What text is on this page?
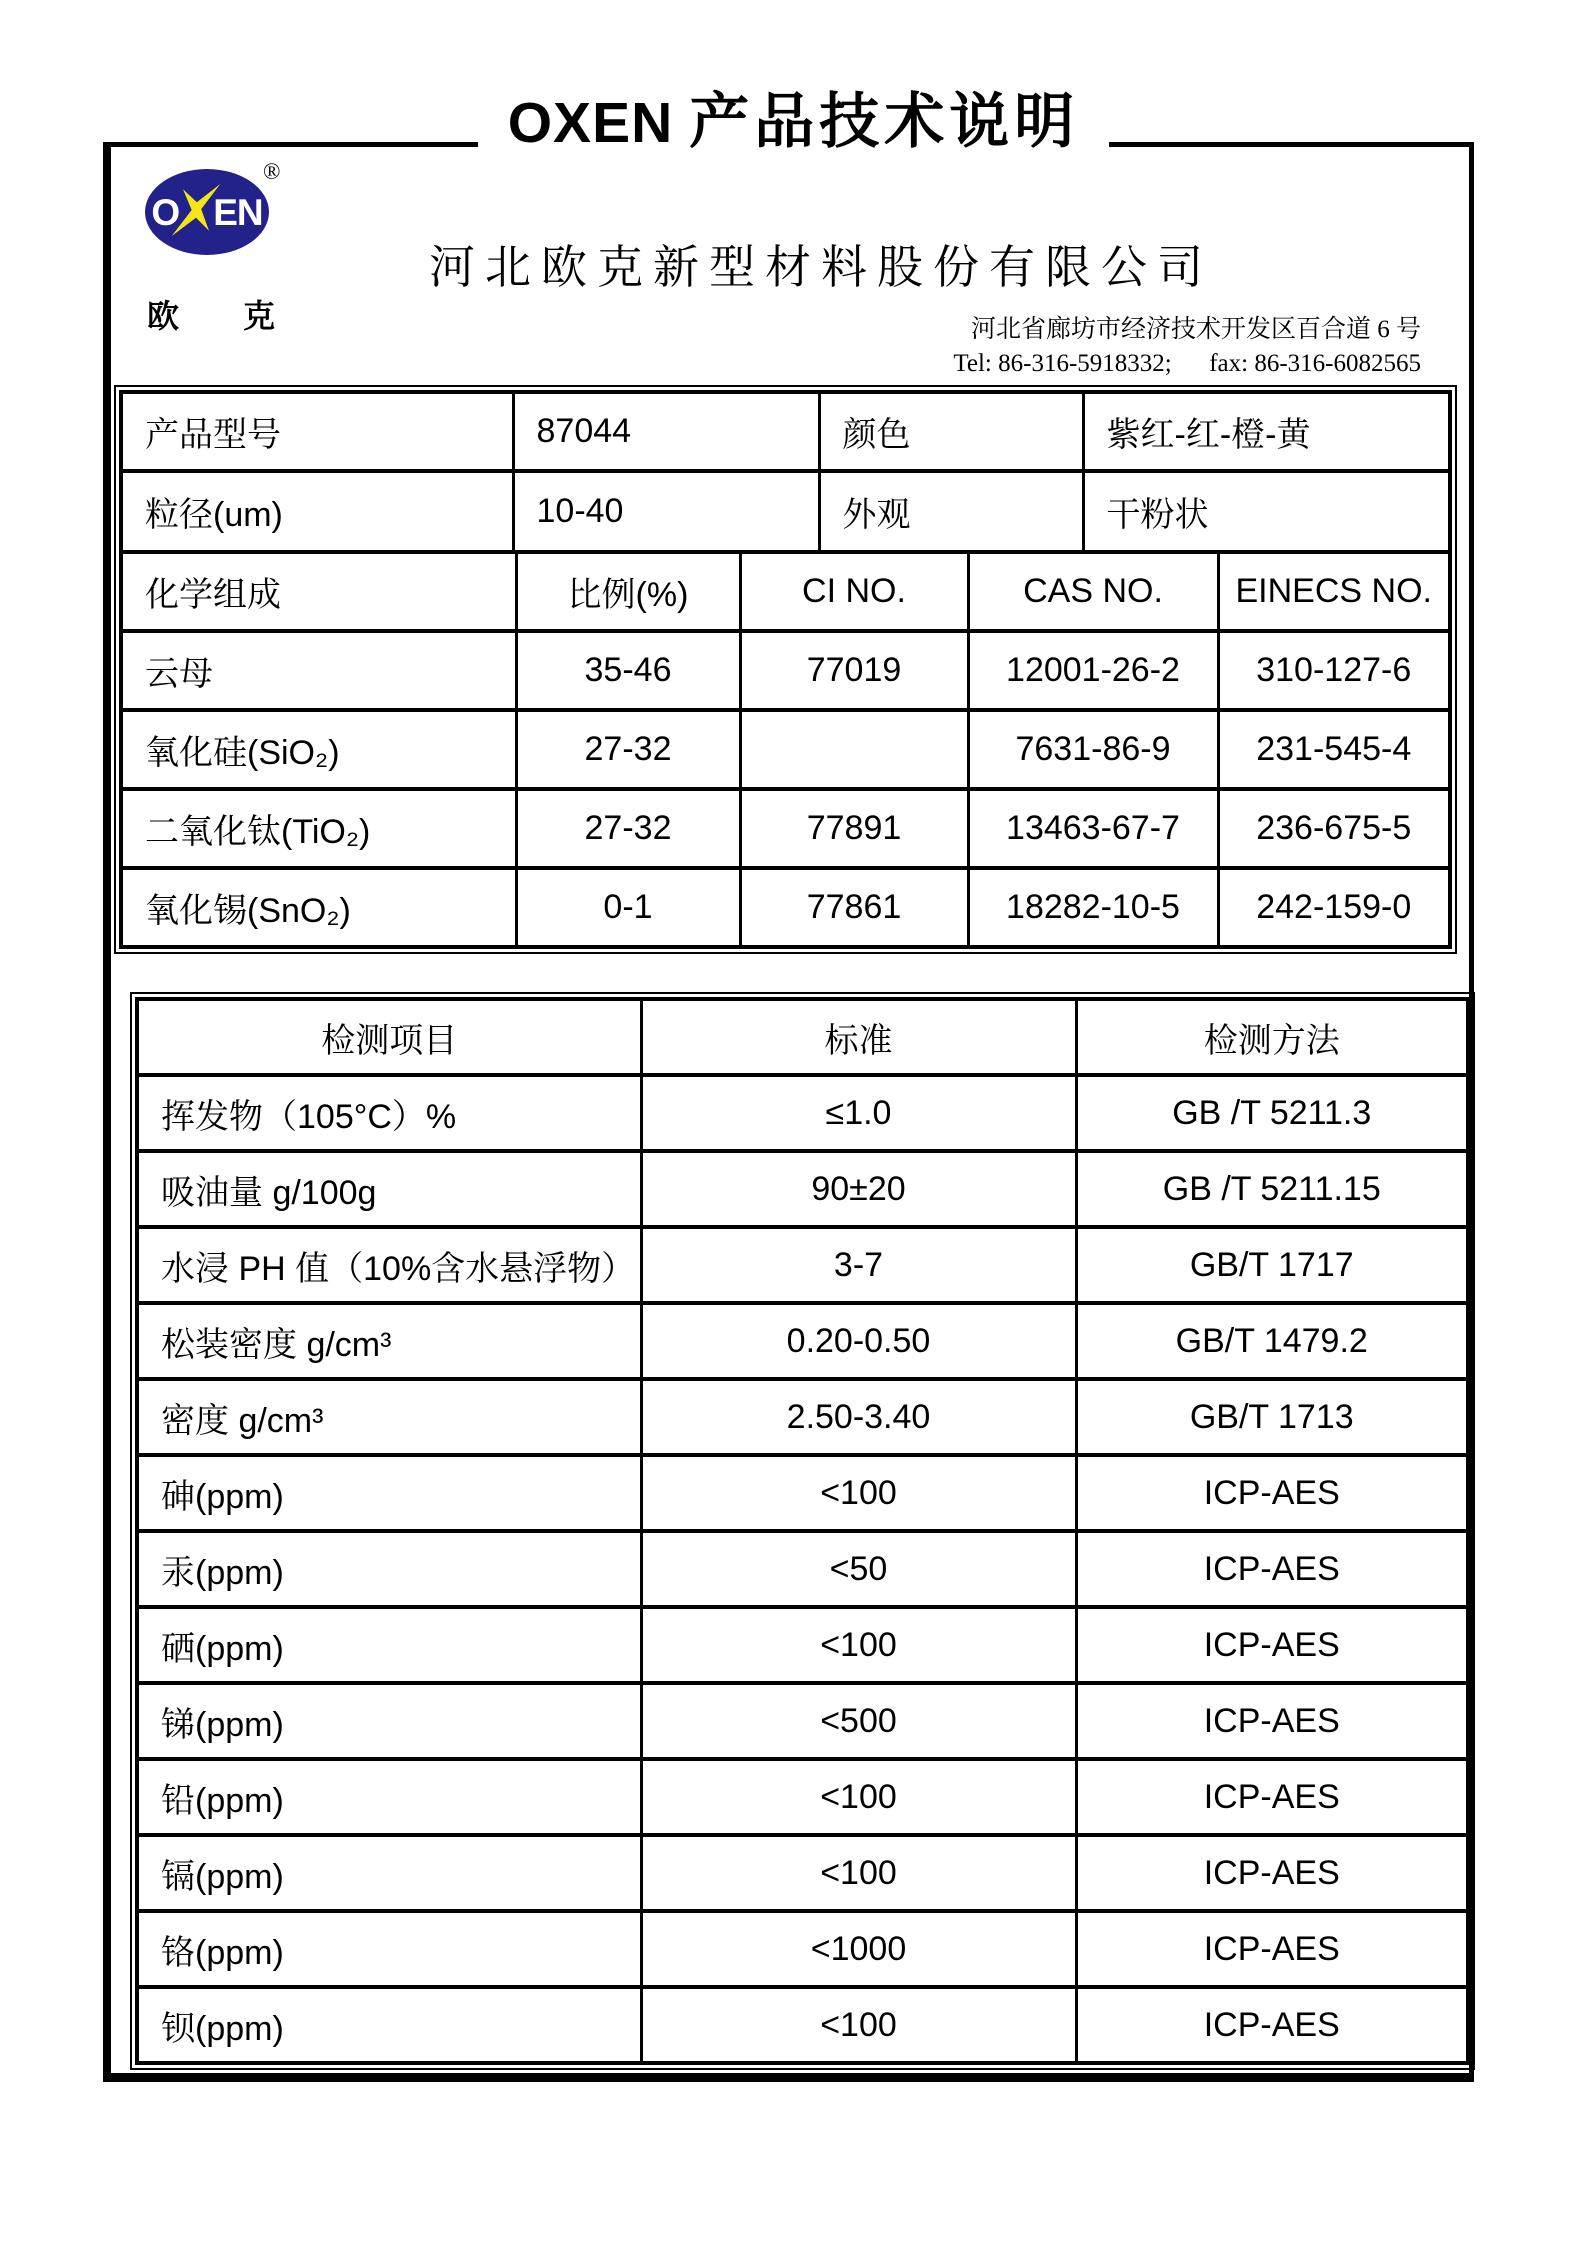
OXEN 产品技术说明
O EN
®
欧 克
河北欧克新型材料股份有限公司
河北省廊坊市经济技术开发区百合道 6 号
Tel: 86-316-5918332;      fax: 86-316-6082565
产品型号	87044	颜色	紫红-红-橙-黄
粒径(um)	10-40	外观	干粉状
化学组成	比例(%)	CI NO.	CAS NO.	EINECS NO.
云母	35-46	77019	12001-26-2	310-127-6
氧化硅(SiO₂)	27-32		7631-86-9	231-545-4
二氧化钛(TiO₂)	27-32	77891	13463-67-7	236-675-5
氧化锡(SnO₂)	0-1	77861	18282-10-5	242-159-0
检测项目	标准	检测方法
挥发物（105°C）%	≤1.0	GB /T 5211.3
吸油量 g/100g	90±20	GB /T 5211.15
水浸 PH 值（10%含水悬浮物）	3-7	GB/T 1717
松装密度 g/cm³	0.20-0.50	GB/T 1479.2
密度 g/cm³	2.50-3.40	GB/T 1713
砷(ppm)	<100	ICP-AES
汞(ppm)	<50	ICP-AES
硒(ppm)	<100	ICP-AES
锑(ppm)	<500	ICP-AES
铅(ppm)	<100	ICP-AES
镉(ppm)	<100	ICP-AES
铬(ppm)	<1000	ICP-AES
钡(ppm)	<100	ICP-AES
